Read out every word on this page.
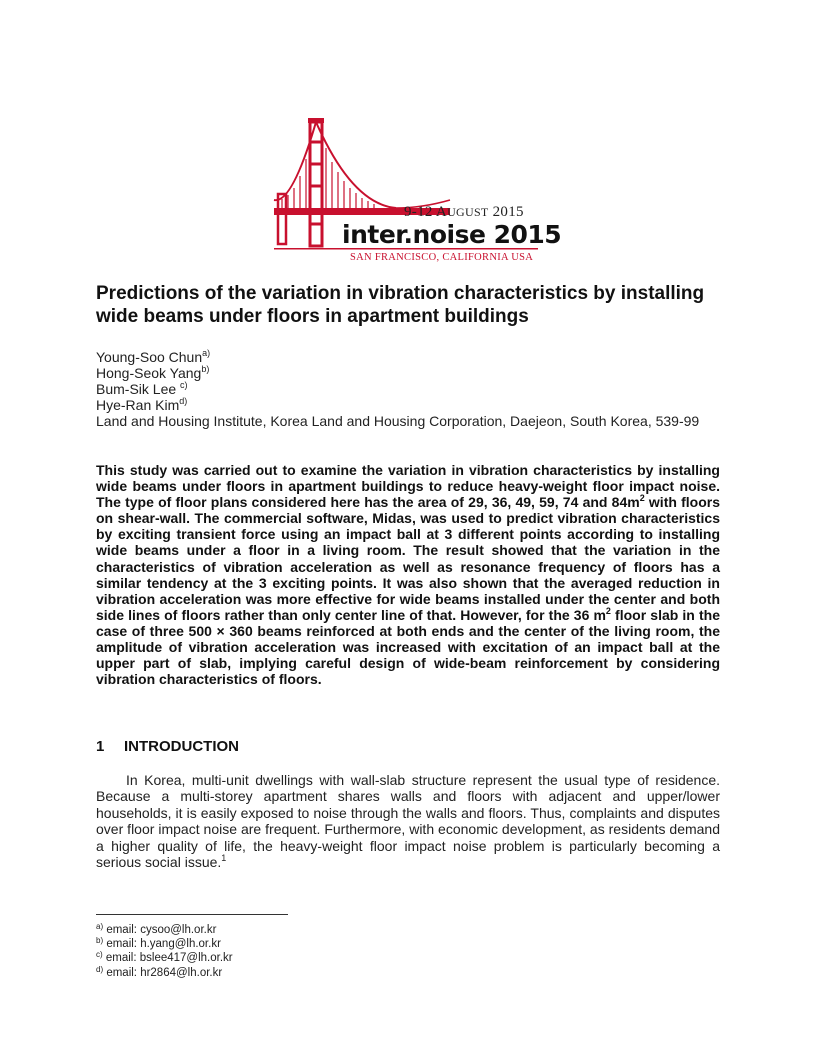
9-12 AUGUST 2015
inter.noise 2015
SAN FRANCISCO, CALIFORNIA USA
Predictions of the variation in vibration characteristics by installing wide beams under floors in apartment buildings
Young-Soo Chun$^{a)}$
Hong-Seok Yang$^{b)}$
Bum-Sik Lee $^{c)}$
Hye-Ran Kim$^{d)}$
Land and Housing Institute, Korea Land and Housing Corporation, Daejeon, South Korea, 539-99

This study was carried out to examine the variation in vibration characteristics by installing wide beams under floors in apartment buildings to reduce heavy-weight floor impact noise. The type of floor plans considered here has the area of 29, 36, 49, 59, 74 and $84m^2$ with floors on shear-wall. The commercial software, Midas, was used to predict vibration characteristics by exciting transient force using an impact ball at 3 different points according to installing wide beams under a floor in a living room. The result showed that the variation in the characteristics of vibration acceleration as well as resonance frequency of floors has a similar tendency at the 3 exciting points. It was also shown that the averaged reduction in vibration acceleration was more effective for wide beams installed under the center and both side lines of floors rather than only center line of that. However, for the 36 $m^2$ floor slab in the case of three 500 × 360 beams reinforced at both ends and the center of the living room, the amplitude of vibration acceleration was increased with excitation of an impact ball at the upper part of slab, implying careful design of wide-beam reinforcement by considering vibration characteristics of floors.

1 INTRODUCTION

In Korea, multi-unit dwellings with wall-slab structure represent the usual type of residence. Because a multi-storey apartment shares walls and floors with adjacent and upper/lower households, it is easily exposed to noise through the walls and floors. Thus, complaints and disputes over floor impact noise are frequent. Furthermore, with economic development, as residents demand a higher quality of life, the heavy-weight floor impact noise problem is particularly becoming a serious social issue.$^1$

$^{a)}$ email: cysoo@lh.or.kr
$^{b)}$ email: h.yang@lh.or.kr
$^{c)}$ email: bslee417@lh.or.kr
$^{d)}$ email: hr2864@lh.or.kr
